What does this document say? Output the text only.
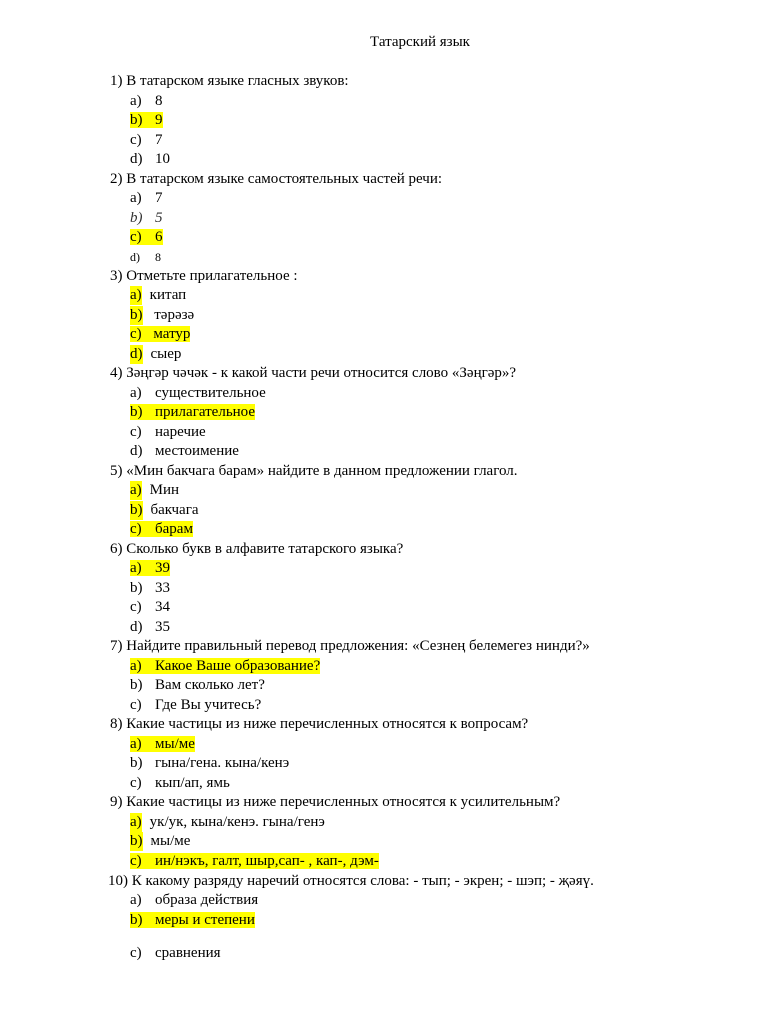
Татарский язык
1) В татарском языке гласных звуков:
a) 8
b) 9
c) 7
d) 10
2) В татарском языке самостоятельных частей речи:
a) 7
b) 5
c) 6
d) 8
3) Отметьте прилагательное :
a) китап
b) тәрәзә
c) матур
d) сыер
4) Зәңгәр чәчәк - к какой части речи относится слово «Зәңгәр»?
a) существительное
b) прилагательное
c) наречие
d) местоимение
5) «Мин бакчага барам» найдите в данном предложении глагол.
a) Мин
b) бакчага
c) барам
6) Сколько букв в алфавите татарского языка?
a) 39
b) 33
c) 34
d) 35
7) Найдите правильный перевод предложения: «Сезнең белемегез нинди?»
a) Какое Ваше образование?
b) Вам сколько лет?
c) Где Вы учитесь?
8) Какие частицы из ниже перечисленных относятся к вопросам?
a) мы/ме
b) гына/гена. кына/кенэ
c) кып/ап, ямь
9) Какие частицы из ниже перечисленных относятся к усилительным?
a) ук/ук, кына/кенэ. гына/генэ
b) мы/ме
c) ин/нэкъ, галт, шыр,сап- , кап-, дэм-
10) К какому разряду наречий относятся слова: - тып; - экрен; - шэп; - җәяү.
a) образа действия
b) меры и степени
c) сравнения
